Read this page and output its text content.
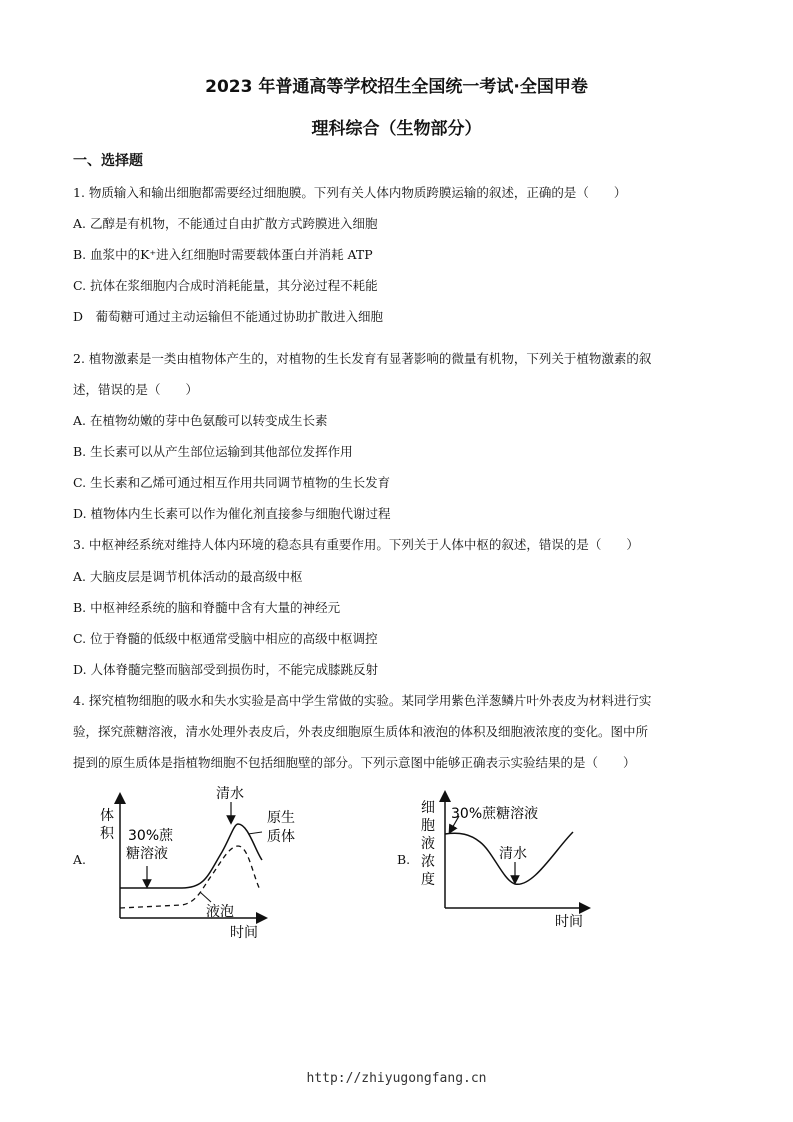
2023 年普通高等学校招生全国统一考试·全国甲卷
理科综合（生物部分）
一、选择题
1. 物质输入和输出细胞都需要经过细胞膜。下列有关人体内物质跨膜运输的叙述，正确的是（　　）
A. 乙醇是有机物，不能通过自由扩散方式跨膜进入细胞
B. 血浆中的K⁺进入红细胞时需要载体蛋白并消耗 ATP
C. 抗体在浆细胞内合成时消耗能量，其分泌过程不耗能
D　葡萄糖可通过主动运输但不能通过协助扩散进入细胞
2. 植物激素是一类由植物体产生的，对植物的生长发育有显著影响的微量有机物，下列关于植物激素的叙
述，错误的是（　　）
A. 在植物幼嫩的芽中色氨酸可以转变成生长素
B. 生长素可以从产生部位运输到其他部位发挥作用
C. 生长素和乙烯可通过相互作用共同调节植物的生长发育
D. 植物体内生长素可以作为催化剂直接参与细胞代谢过程
3. 中枢神经系统对维持人体内环境的稳态具有重要作用。下列关于人体中枢的叙述，错误的是（　　）
A. 大脑皮层是调节机体活动的最高级中枢
B. 中枢神经系统的脑和脊髓中含有大量的神经元
C. 位于脊髓的低级中枢通常受脑中相应的高级中枢调控
D. 人体脊髓完整而脑部受到损伤时，不能完成膝跳反射
4. 探究植物细胞的吸水和失水实验是高中学生常做的实验。某同学用紫色洋葱鳞片叶外表皮为材料进行实
验，探究蔗糖溶液，清水处理外表皮后，外表皮细胞原生质体和液泡的体积及细胞液浓度的变化。图中所
提到的原生质体是指植物细胞不包括细胞壁的部分。下列示意图中能够正确表示实验结果的是（　　）
A.
体
积
时间
30%蔗
糖溶液
清水
原生
质体
液泡
B.
细
胞
液
浓
度
30%蔗糖溶液
清水
时间
http://zhiyugongfang.cn
